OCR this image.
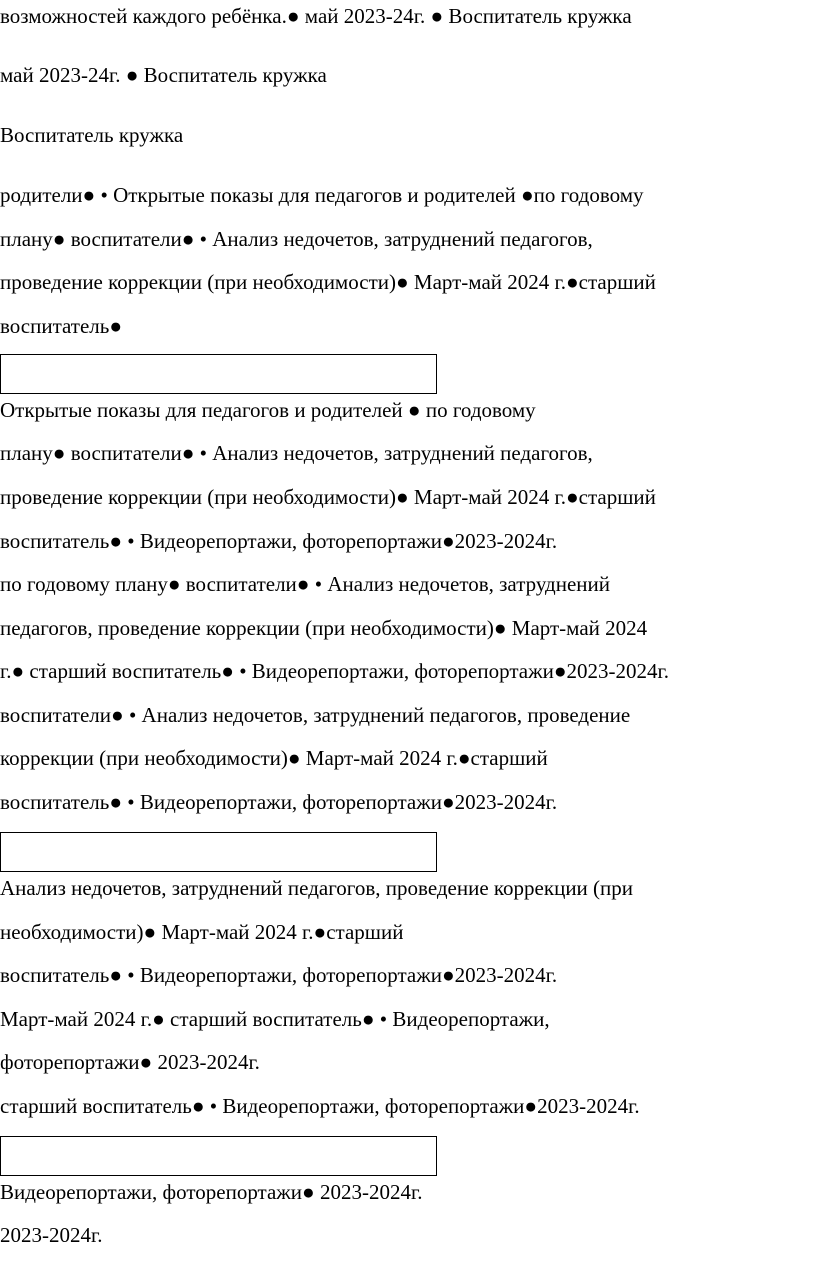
возможностей каждого ребёнка.● май 2023-24г. ● Воспитатель кружка
май 2023-24г. ● Воспитатель кружка
Воспитатель кружка
родители● • Открытые показы для педагогов и родителей ●по годовому
плану● воспитатели● • Анализ недочетов, затруднений педагогов,
проведение коррекции (при необходимости)● Март-май 2024 г.●старший
воспитатель●
Открытые показы для педагогов и родителей ● по годовому
плану● воспитатели● • Анализ недочетов, затруднений педагогов,
проведение коррекции (при необходимости)● Март-май 2024 г.●старший
воспитатель● • Видеорепортажи, фоторепортажи●2023-2024г.
по годовому плану● воспитатели● • Анализ недочетов, затруднений
педагогов, проведение коррекции (при необходимости)● Март-май 2024
г.● старший воспитатель● • Видеорепортажи, фоторепортажи●2023-2024г.
воспитатели● • Анализ недочетов, затруднений педагогов, проведение
коррекции (при необходимости)● Март-май 2024 г.●старший
воспитатель● • Видеорепортажи, фоторепортажи●2023-2024г.
Анализ недочетов, затруднений педагогов, проведение коррекции (при
необходимости)● Март-май 2024 г.●старший
воспитатель● • Видеорепортажи, фоторепортажи●2023-2024г.
Март-май 2024 г.● старший воспитатель● • Видеорепортажи,
фоторепортажи● 2023-2024г.
старший воспитатель● • Видеорепортажи, фоторепортажи●2023-2024г.
Видеорепортажи, фоторепортажи● 2023-2024г.
2023-2024г.
